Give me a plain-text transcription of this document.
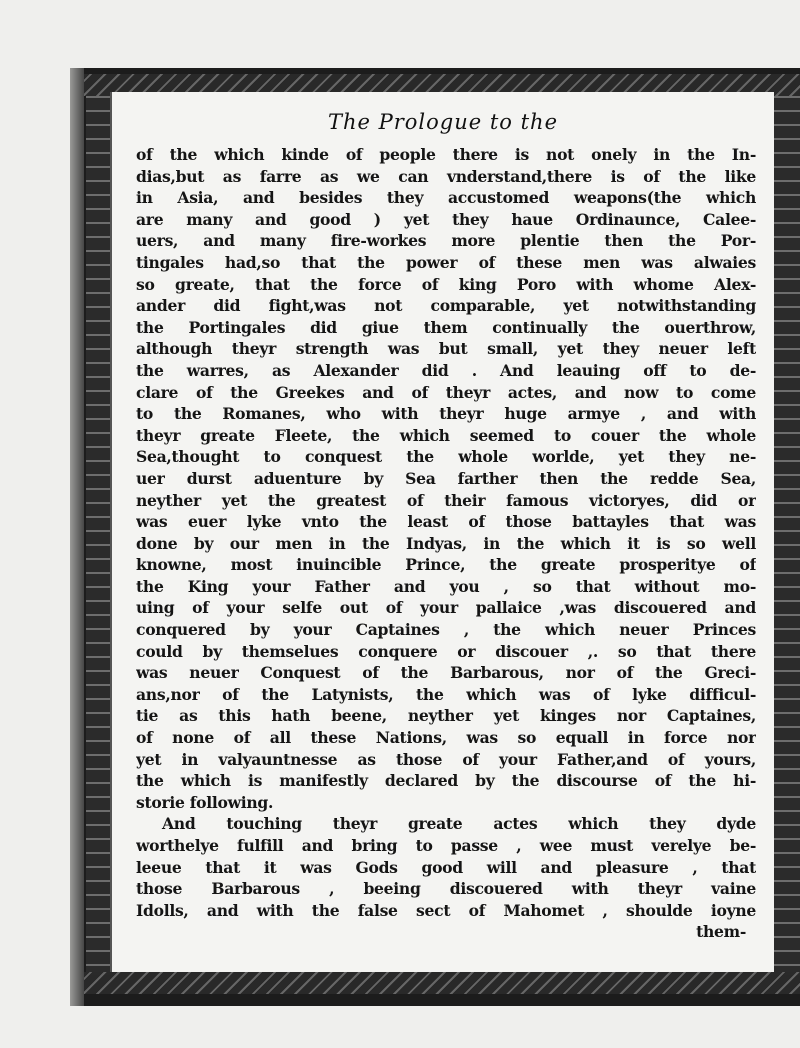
The Prologue to the
of the which kinde of people there is not onely in the In-
dias,but as farre as we can vnderstand,there is of the like
in Asia, and besides they accustomed weapons(the which
are many and good ) yet they haue Ordinaunce, Calee-
uers, and many fire-workes more plentie then the Por-
tingales had,so that the power of these men was alwaies
so greate, that the force of king Poro with whome Alex-
ander did fight,was not comparable, yet notwithstanding
the Portingales did giue them continually the ouerthrow,
although theyr strength was but small, yet they neuer left
the warres, as Alexander did . And leauing off to de-
clare of the Greekes and of theyr actes, and now to come
to the Romanes, who with theyr huge armye , and with
theyr greate Fleete, the which seemed to couer the whole
Sea,thought to conquest the whole worlde, yet they ne-
uer durst aduenture by Sea farther then the redde Sea,
neyther yet the greatest of their famous victoryes, did or
was euer lyke vnto the least of those battayles that was
done by our men in the Indyas, in the which it is so well
knowne, most inuincible Prince, the greate prosperitye of
the King your Father and you , so that without mo-
uing of your selfe out of your pallaice ,was discouered and
conquered by your Captaines , the which neuer Princes
could by themselues conquere or discouer ,. so that there
was neuer Conquest of the Barbarous, nor of the Greci-
ans,nor of the Latynists, the which was of lyke difficul-
tie as this hath beene, neyther yet kinges nor Captaines,
of none of all these Nations, was so equall in force nor
yet in valyauntnesse as those of your Father,and of yours,
the which is manifestly declared by the discourse of the hi-
storie following.
And touching theyr greate actes which they dyde
worthelye fulfill and bring to passe , wee must verelye be-
leeue that it was Gods good will and pleasure , that
those Barbarous , beeing discouered with theyr vaine
Idolls, and with the false sect of Mahomet , shoulde ioyne
them-
